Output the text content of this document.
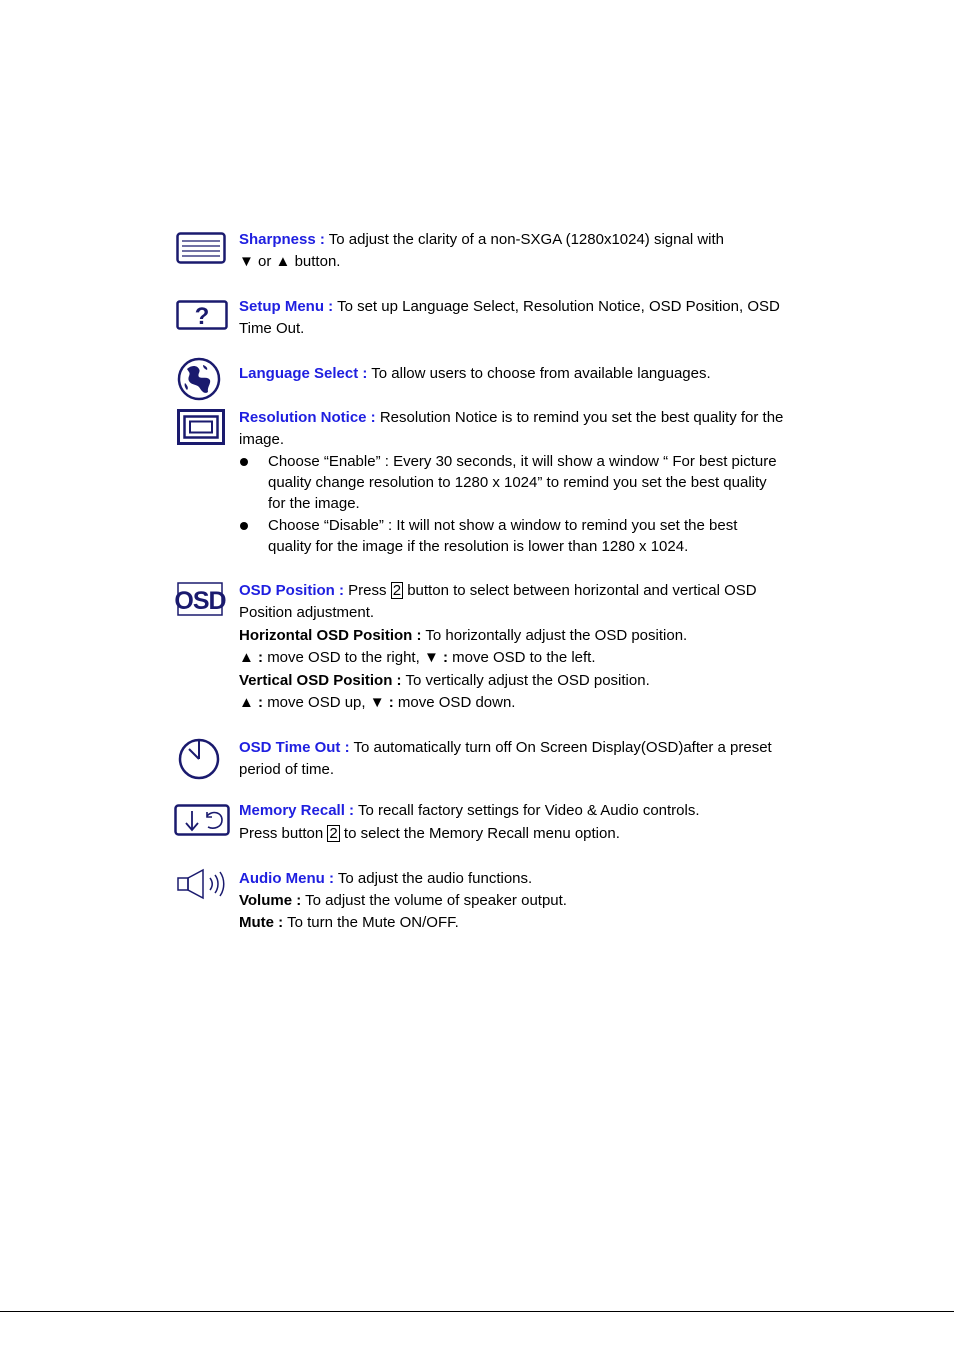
Sharpness : To adjust the clarity of a non-SXGA (1280x1024) signal with
▼ or ▲ button.
? Setup Menu : To set up Language Select, Resolution Notice, OSD Position, OSD Time Out.
Language Select : To allow users to choose from available languages.
Resolution Notice : Resolution Notice is to remind you set the best quality for the image.
Choose “Enable” : Every 30 seconds, it will show a window “ For best picture quality change resolution to 1280 x 1024” to remind you set the best quality for the image.
Choose “Disable” : It will not show a window to remind you set the best quality for the image if the resolution is lower than 1280 x 1024.
OSD OSD Position : Press 2 button to select between horizontal and vertical OSD Position adjustment.
Horizontal OSD Position : To horizontally adjust the OSD position.
▲ : move OSD to the right, ▼ : move OSD to the left.
Vertical OSD Position : To vertically adjust the OSD position.
▲ : move OSD up, ▼ : move OSD down.
OSD Time Out : To automatically turn off On Screen Display(OSD)after a preset period of time.
Memory Recall : To recall factory settings for Video & Audio controls.
Press button 2 to select the Memory Recall menu option.
Audio Menu : To adjust the audio functions.
Volume : To adjust the volume of speaker output.
Mute : To turn the Mute ON/OFF.
